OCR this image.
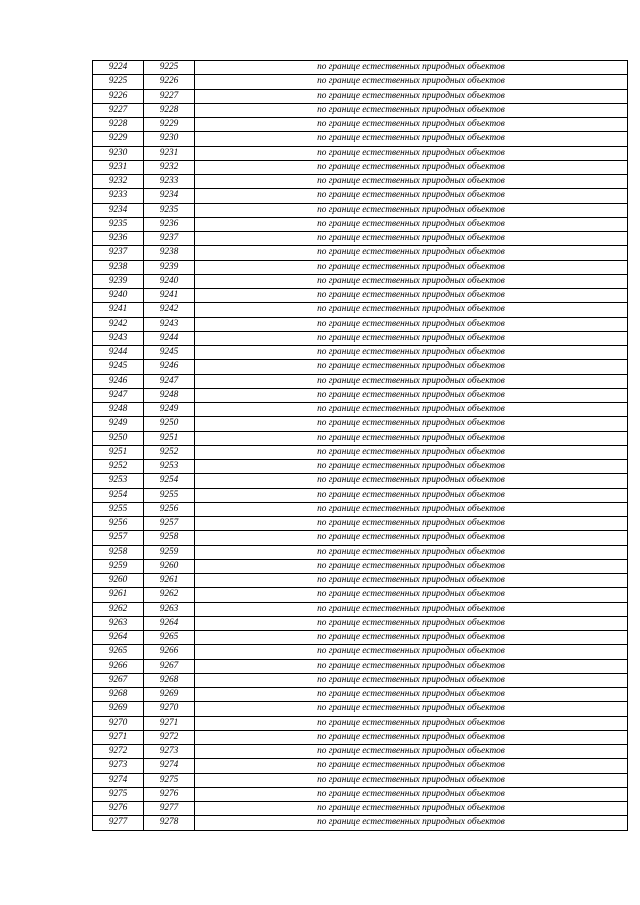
9224	9225	по границе естественных природных объектов
9225	9226	по границе естественных природных объектов
9226	9227	по границе естественных природных объектов
9227	9228	по границе естественных природных объектов
9228	9229	по границе естественных природных объектов
9229	9230	по границе естественных природных объектов
9230	9231	по границе естественных природных объектов
9231	9232	по границе естественных природных объектов
9232	9233	по границе естественных природных объектов
9233	9234	по границе естественных природных объектов
9234	9235	по границе естественных природных объектов
9235	9236	по границе естественных природных объектов
9236	9237	по границе естественных природных объектов
9237	9238	по границе естественных природных объектов
9238	9239	по границе естественных природных объектов
9239	9240	по границе естественных природных объектов
9240	9241	по границе естественных природных объектов
9241	9242	по границе естественных природных объектов
9242	9243	по границе естественных природных объектов
9243	9244	по границе естественных природных объектов
9244	9245	по границе естественных природных объектов
9245	9246	по границе естественных природных объектов
9246	9247	по границе естественных природных объектов
9247	9248	по границе естественных природных объектов
9248	9249	по границе естественных природных объектов
9249	9250	по границе естественных природных объектов
9250	9251	по границе естественных природных объектов
9251	9252	по границе естественных природных объектов
9252	9253	по границе естественных природных объектов
9253	9254	по границе естественных природных объектов
9254	9255	по границе естественных природных объектов
9255	9256	по границе естественных природных объектов
9256	9257	по границе естественных природных объектов
9257	9258	по границе естественных природных объектов
9258	9259	по границе естественных природных объектов
9259	9260	по границе естественных природных объектов
9260	9261	по границе естественных природных объектов
9261	9262	по границе естественных природных объектов
9262	9263	по границе естественных природных объектов
9263	9264	по границе естественных природных объектов
9264	9265	по границе естественных природных объектов
9265	9266	по границе естественных природных объектов
9266	9267	по границе естественных природных объектов
9267	9268	по границе естественных природных объектов
9268	9269	по границе естественных природных объектов
9269	9270	по границе естественных природных объектов
9270	9271	по границе естественных природных объектов
9271	9272	по границе естественных природных объектов
9272	9273	по границе естественных природных объектов
9273	9274	по границе естественных природных объектов
9274	9275	по границе естественных природных объектов
9275	9276	по границе естественных природных объектов
9276	9277	по границе естественных природных объектов
9277	9278	по границе естественных природных объектов
